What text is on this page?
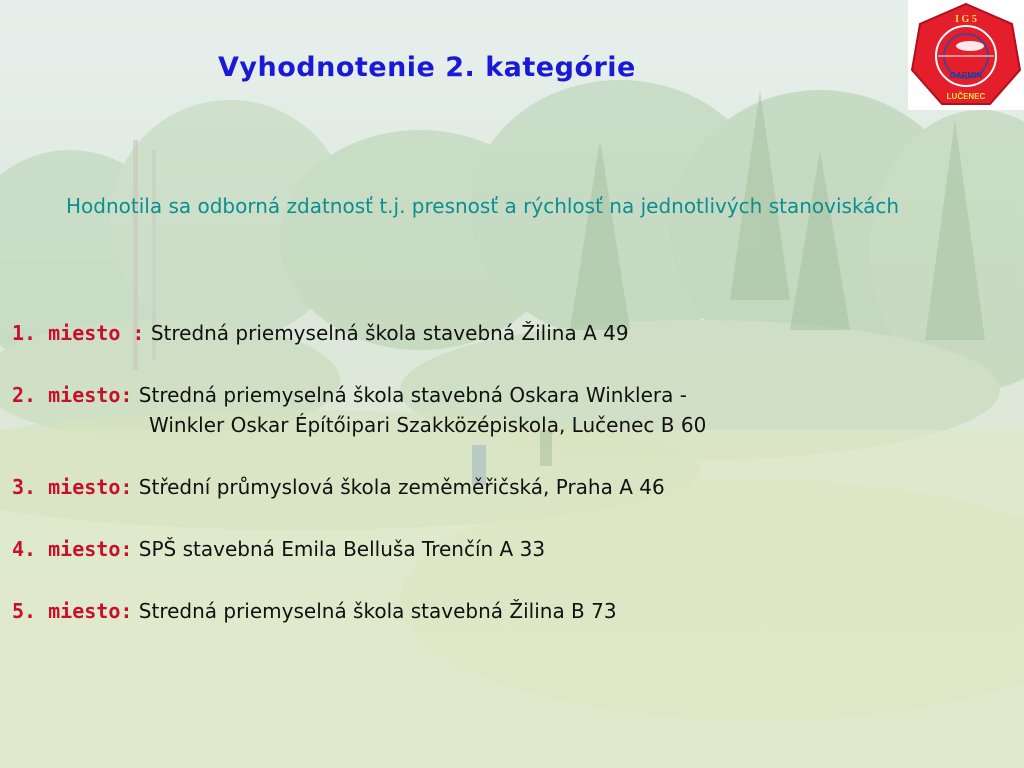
Vyhodnotenie 2. kategórie
I G 5
GARMIN
LUČENEC
Hodnotila sa odborná zdatnosť t.j. presnosť a rýchlosť na jednotlivých stanoviskách
1. miesto : Stredná priemyselná škola stavebná Žilina A 49
2. miesto: Stredná priemyselná škola stavebná Oskara Winklera -
Winkler Oskar Építőipari Szakközépiskola, Lučenec B 60
3. miesto: Střední průmyslová škola zeměměřičská, Praha A 46
4. miesto: SPŠ stavebná Emila Belluša Trenčín A 33
5. miesto: Stredná priemyselná škola stavebná Žilina B 73
